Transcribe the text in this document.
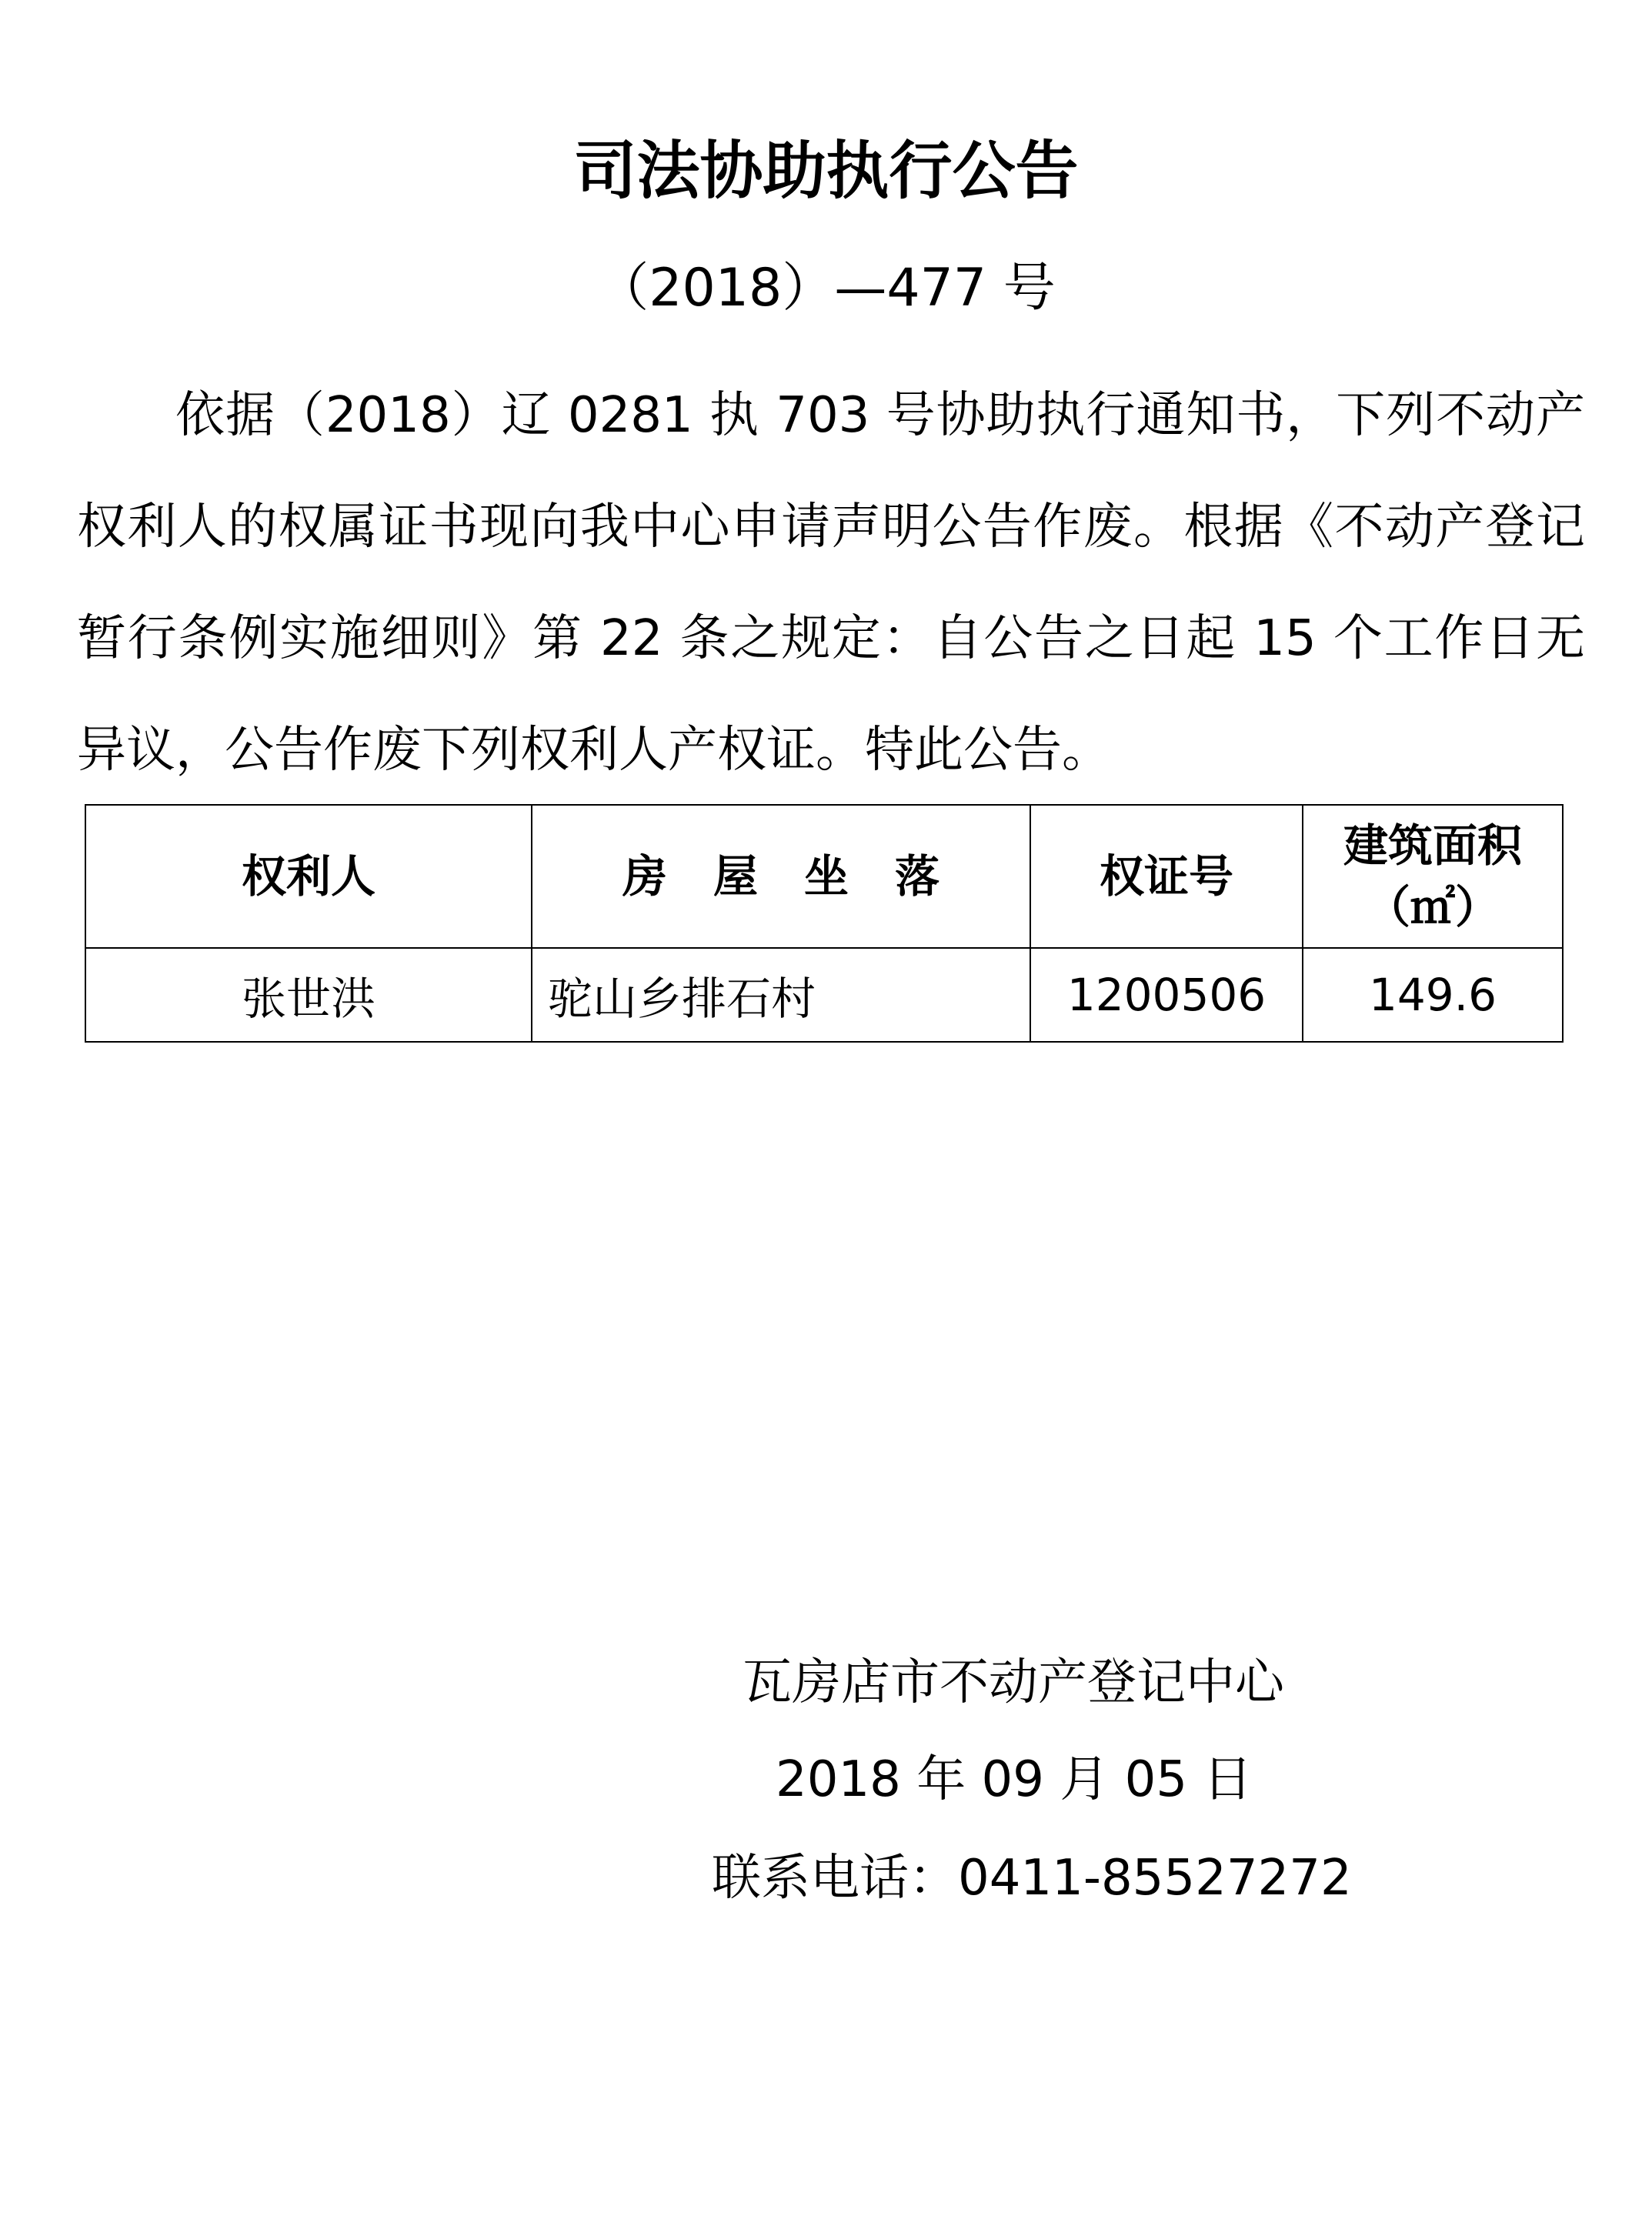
司法协助执行公告
（2018）—477 号

依据（2018）辽 0281 执 703 号协助执行通知书，下列不动产权利人的权属证书现向我中心申请声明公告作废。根据《不动产登记暂行条例实施细则》第 22 条之规定：自公告之日起 15 个工作日无异议，公告作废下列权利人产权证。特此公告。

权利人	房屋坐落	权证号	建筑面积
（㎡）

张世洪	驼山乡排石村	1200506	149.6
瓦房店市不动产登记中心
2018 年 09 月 05 日
联系电话：0411-85527272
